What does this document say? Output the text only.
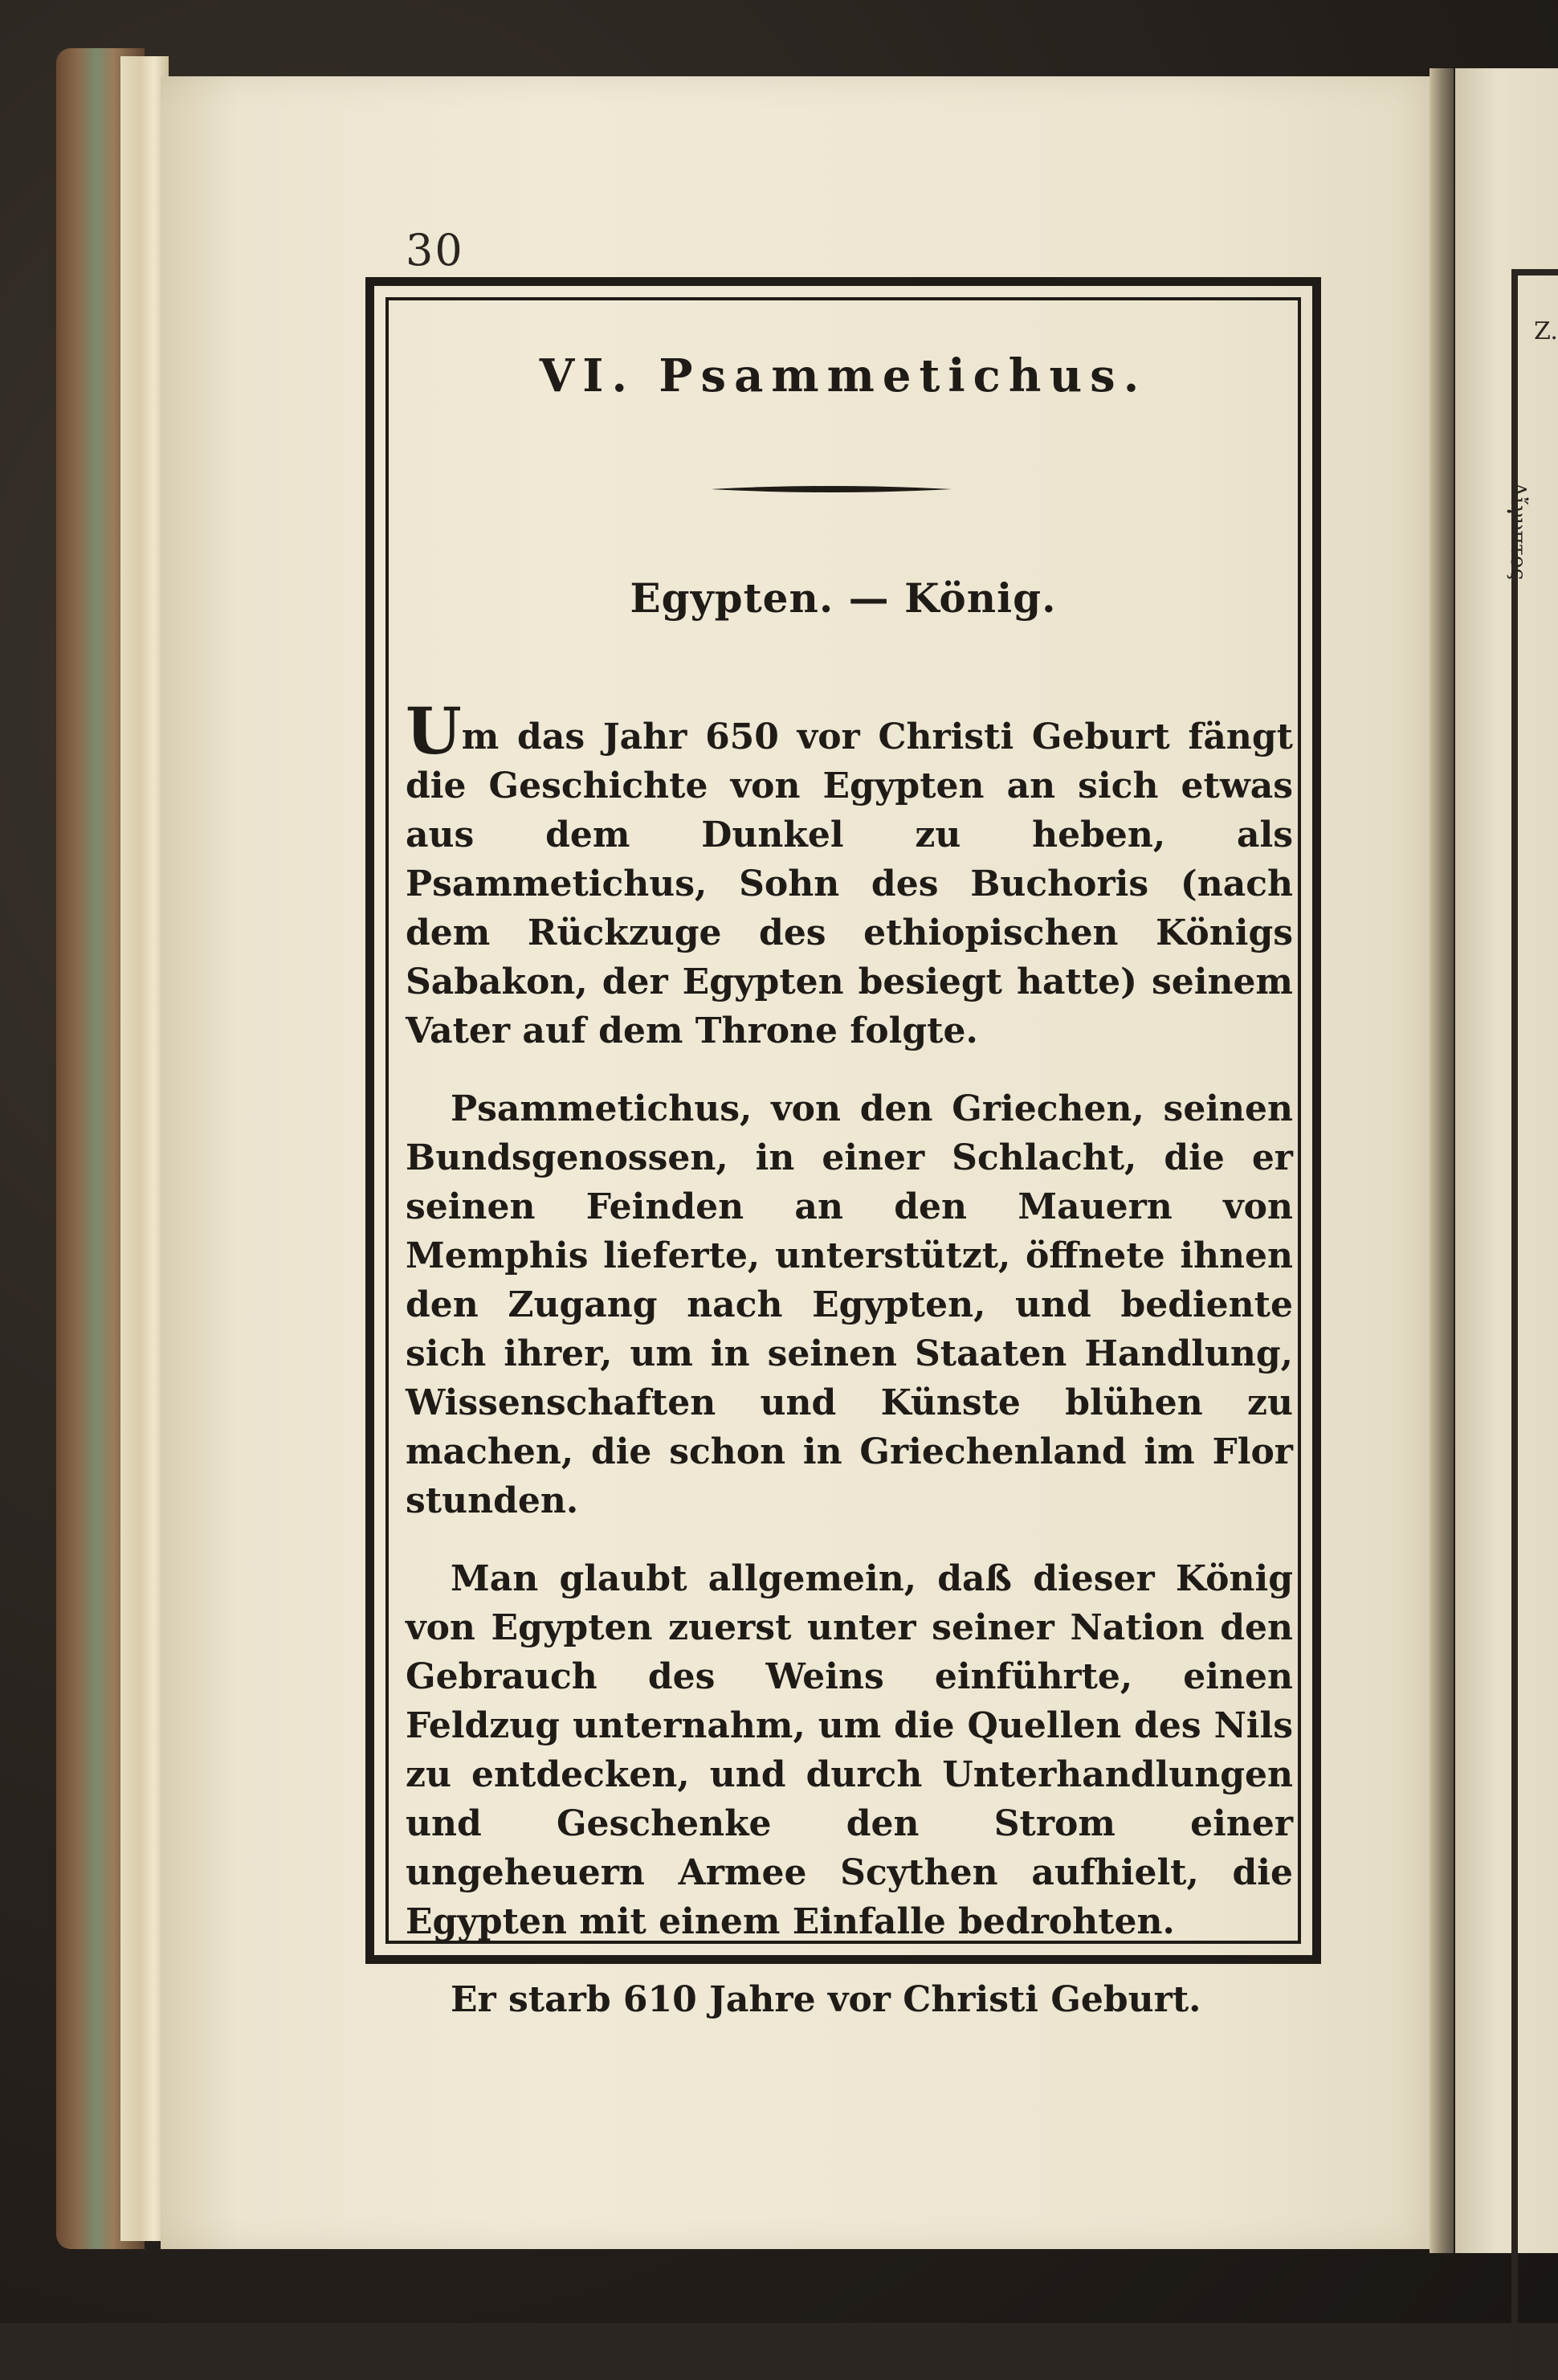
Z.
Αἴγυπτος
30
VI. Psammetichus.
Egypten. — König.

Um das Jahr 650 vor Christi Geburt fängt die Geschichte von Egypten an sich etwas aus dem Dunkel zu heben, als Psammetichus, Sohn des Buchoris (nach dem Rückzuge des ethiopischen Königs Sabakon, der Egypten besiegt hatte) seinem Vater auf dem Throne folgte.

Psammetichus, von den Griechen, seinen Bundsgenossen, in einer Schlacht, die er seinen Feinden an den Mauern von Memphis lieferte, unterstützt, öffnete ihnen den Zugang nach Egypten, und bediente sich ihrer, um in seinen Staaten Handlung, Wissenschaften und Künste blühen zu machen, die schon in Griechenland im Flor stunden.

Man glaubt allgemein, daß dieser König von Egypten zuerst unter seiner Nation den Gebrauch des Weins einführte, einen Feldzug unternahm, um die Quellen des Nils zu entdecken, und durch Unterhandlungen und Geschenke den Strom einer ungeheuern Armee Scythen aufhielt, die Egypten mit einem Einfalle bedrohten.

Er starb 610 Jahre vor Christi Geburt.
